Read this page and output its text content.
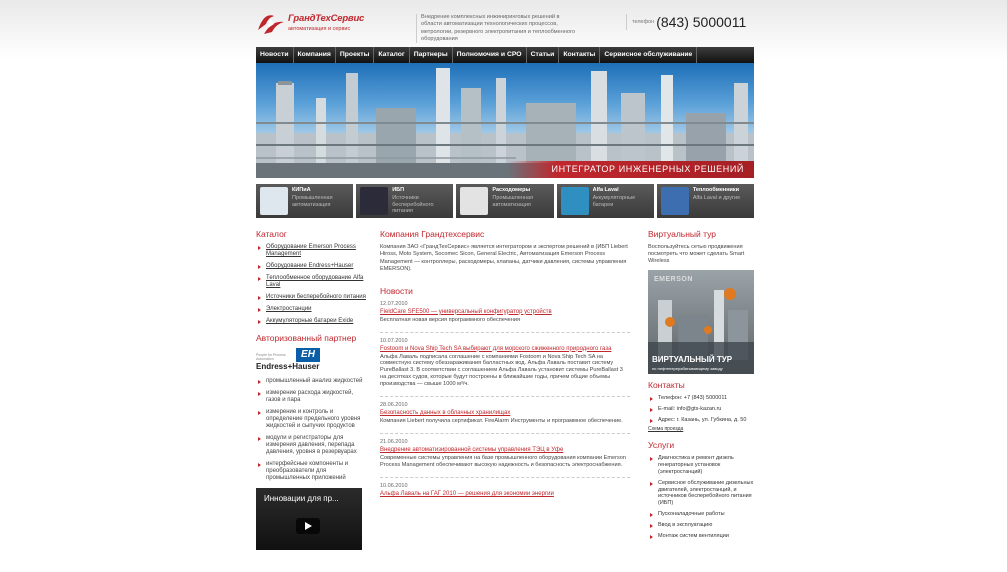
ГрандТехСервис
автоматизация и сервис
Внедрение комплексных инжиниринговых решений в области автоматизации технологических процессов, метрологии, резервного электропитания и теплообменного оборудования
телефон (843) 5000011
Новости	Компания	Проекты	Каталог	Партнеры	Полномочия и СРО	Статьи	Контакты	Сервисное обслуживание
ИНТЕГРАТОР ИНЖЕНЕРНЫХ РЕШЕНИЙ
КИПиА
Промышленная автоматизация
ИБП
Источники бесперебойного питания
Расходомеры
Промышленная автоматизация
Alfa Laval
Аккумуляторные батареи
Теплообменники
Alfa Laval и другие
Каталог
Оборудование Emerson Process Management
Оборудование Endress+Hauser
Теплообменное оборудование Alfa Laval
Источники бесперебойного питания
Электростанции
Аккумуляторные батареи Exide
Авторизованный партнер
People for Process Automation	EH
Endress+Hauser
промышленный анализ жидкостей
измерение расхода жидкостей, газов и пара
измерение и контроль и определение предельного уровня жидкостей и сыпучих продуктов
модули и регистраторы для измерения давления, перепада давления, уровня в резервуарах
интерфейсные компоненты и преобразователи для промышленных приложений
Инновации для пр...
Компания Грандтехсервис

Компания ЗАО «ГрандТехСервис» является интегратором и экспертом решений в (ИБП Liebert Hiross, Moto System, Socomec Sicon, General Electric, Автоматизация Emerson Process Management — контроллеры, расходомеры, клапаны, датчики давления, системы управления EMERSON).

Новости
12.07.2010
FieldCare SFE500 — универсальный конфигуратор устройств
Бесплатная новая версия программного обеспечения
10.07.2010
Fostoom и Nova Ship Tech SA выбирают для морского сжиженного природного газа
Альфа Лаваль подписала соглашение с компаниями Fostoom и Nova Ship Tech SA на совместную систему обеззараживания балластных вод. Альфа Лаваль поставит систему PureBallast 3. В соответствии с соглашением Альфа Лаваль установит системы PureBallast 3 на десятках судов, которые будут построены в ближайшие годы, причем общие объемы производства — свыше 1000 м³/ч.
28.06.2010
Безопасность данных в облачных хранилищах
Компания Liebert получила сертификат. FireAlarm Инструменты и программное обеспечение.
21.06.2010
Внедрение автоматизированной системы управления ТЭЦ в Уфе
Современные системы управления на базе промышленного оборудования компании Emerson Process Management обеспечивают высокую надежность и безопасность электроснабжения.
10.06.2010
Альфа Лаваль на ГАГ 2010 — решения для экономии энергии
Виртуальный тур

Воспользуйтесь сетью продвижения посмотреть что может сделать Smart Wireless

EMERSON
ВИРТУАЛЬНЫЙ ТУР
по нефтеперерабатывающему заводу
Контакты
Телефон: +7 (843) 5000011
E-mail: info@gts-kazan.ru
Адрес: г. Казань, ул. Губкина, д. 50
Схема проезда
Услуги
Диагностика и ремонт дизель генераторных установок (электростанций)
Сервисное обслуживание дизельных двигателей, электростанций, и источников бесперебойного питания (ИБП)
Пусконаладочные работы
Ввод в эксплуатацию
Монтаж систем вентиляции
